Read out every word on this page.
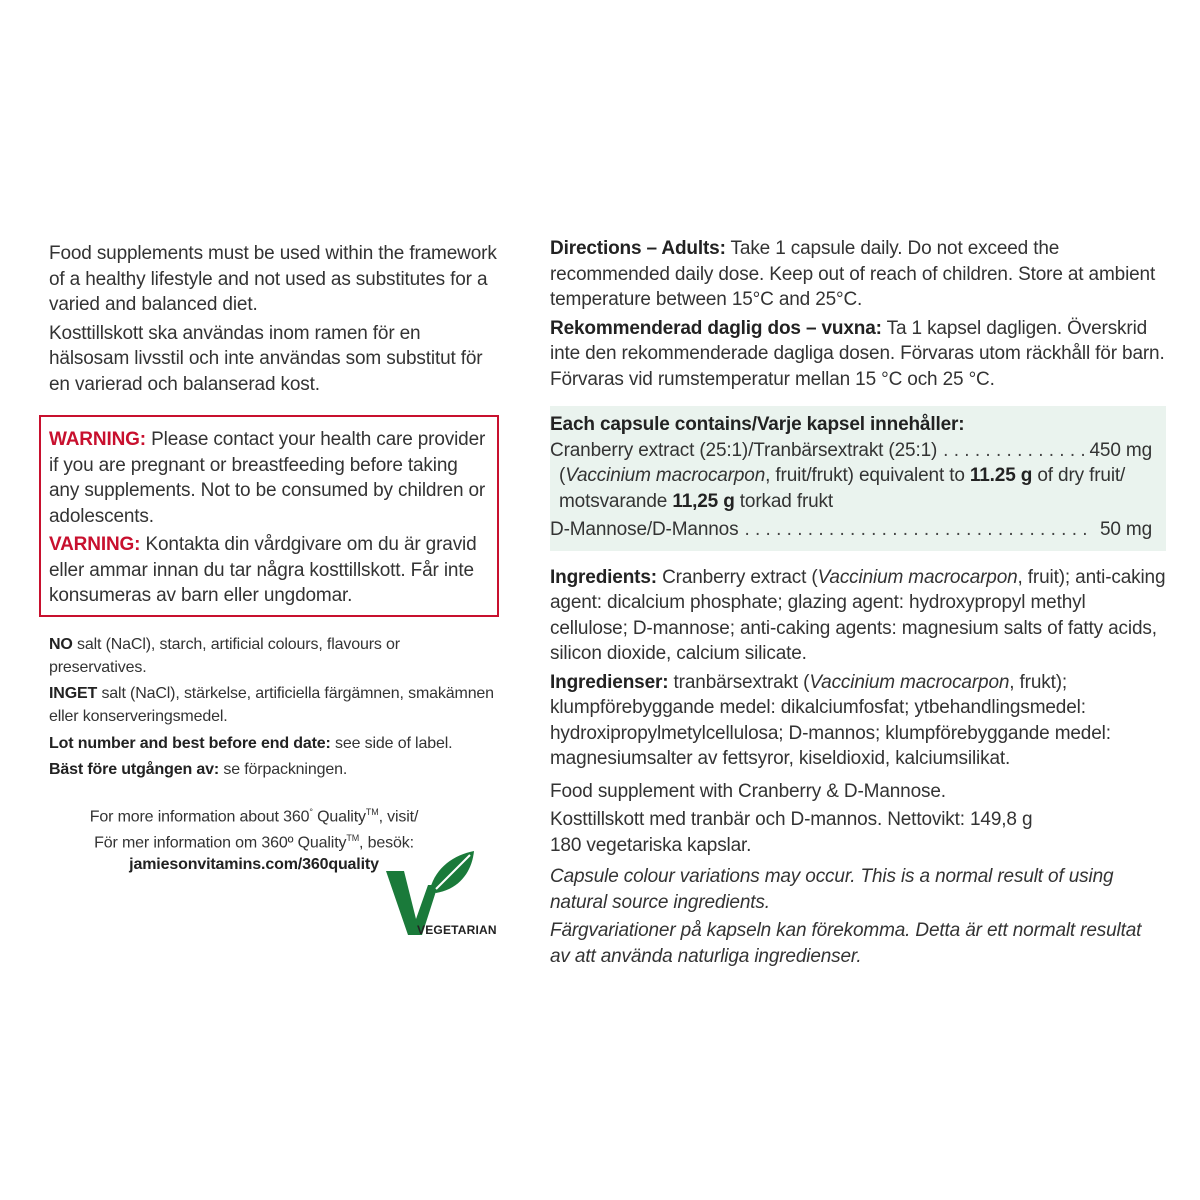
Food supplements must be used within the framework of a healthy lifestyle and not used as substitutes for a varied and balanced diet.

Kosttillskott ska användas inom ramen för en hälsosam livsstil och inte användas som substitut för en varierad och balanserad kost.

WARNING: Please contact your health care provider if you are pregnant or breastfeeding before taking any supplements. Not to be consumed by children or adolescents.

VARNING: Kontakta din vårdgivare om du är gravid eller ammar innan du tar några kosttillskott. Får inte konsumeras av barn eller ungdomar.

NO salt (NaCl), starch, artificial colours, flavours or preservatives.

INGET salt (NaCl), stärkelse, artificiella färgämnen, smakämnen eller konserveringsmedel.

Lot number and best before end date: see side of label.

Bäst före utgången av: se förpackningen.

For more information about 360° Quality™, visit/

För mer information om 360º Quality™, besök:

jamiesonvitamins.com/360quality

VEGETARIAN

Directions – Adults: Take 1 capsule daily. Do not exceed the recommended daily dose. Keep out of reach of children. Store at ambient temperature between 15°C and 25°C.

Rekommenderad daglig dos – vuxna: Ta 1 kapsel dagligen. Överskrid inte den rekommenderade dagliga dosen. Förvaras utom räckhåll för barn. Förvaras vid rumstemperatur mellan 15 °C och 25 °C.

Each capsule contains/Varje kapsel innehåller:
Cranberry extract (25:1)/Tranbärsextrakt (25:1) . . .	450 mg

(Vaccinium macrocarpon, fruit/frukt) equivalent to 11.25 g of dry fruit/
motsvarande 11,25 g torkad frukt

D-Mannose/D-Mannos . . .	50 mg

Ingredients: Cranberry extract (Vaccinium macrocarpon, fruit); anti-caking agent: dicalcium phosphate; glazing agent: hydroxypropyl methyl cellulose; D-mannose; anti-caking agents: magnesium salts of fatty acids, silicon dioxide, calcium silicate.

Ingredienser: tranbärsextrakt (Vaccinium macrocarpon, frukt); klumpförebyggande medel: dikalciumfosfat; ytbehandlingsmedel: hydroxipropylmetylcellulosa; D-mannos; klumpförebyggande medel: magnesiumsalter av fettsyror, kiseldioxid, kalciumsilikat.

Food supplement with Cranberry & D-Mannose.

Kosttillskott med tranbär och D-mannos. Nettovikt: 149,8 g

180 vegetariska kapslar.

Capsule colour variations may occur. This is a normal result of using natural source ingredients.

Färgvariationer på kapseln kan förekomma. Detta är ett normalt resultat av att använda naturliga ingredienser.
